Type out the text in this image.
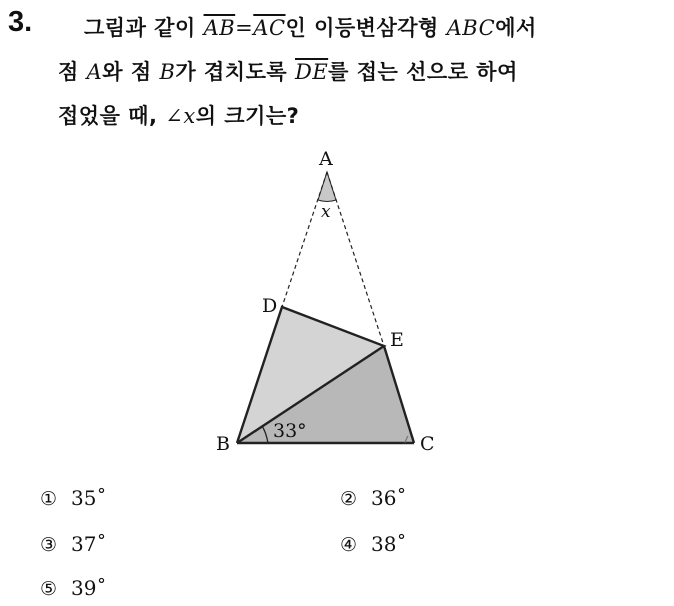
3. 그림과 같이 $\overline{AB}=\overline{AC}$인 이등변삼각형 ABC에서
점 A와 점 B가 겹치도록 $\overline{DE}$를 접는 선으로 하여
접었을 때, ∠x의 크기는?
A
B	C
D
E
x
33°
① 35˚	② 36˚
③ 37˚	④ 38˚
⑤ 39˚
